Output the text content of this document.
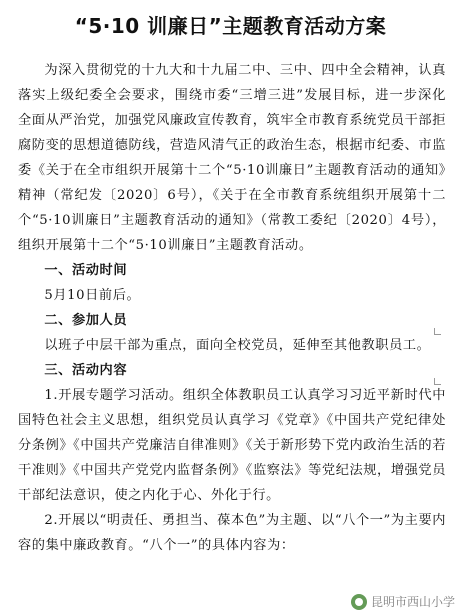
“5·10 训廉日”主题教育活动方案

为深入贯彻党的十九大和十九届二中、三中、四中全会精神，认真落实上级纪委全会要求，围绕市委“三增三进”发展目标，进一步深化全面从严治党，加强党风廉政宣传教育，筑牢全市教育系统党员干部拒腐防变的思想道德防线，营造风清气正的政治生态，根据市纪委、市监委《关于在全市组织开展第十二个“5·10训廉日”主题教育活动的通知》精神（常纪发〔2020〕6号），《关于在全市教育系统组织开展第十二个“5·10训廉日”主题教育活动的通知》（常教工委纪〔2020〕4号），组织开展第十二个“5·10训廉日”主题教育活动。

一、活动时间

5月10日前后。

二、参加人员

以班子中层干部为重点，面向全校党员，延伸至其他教职员工。

三、活动内容

1.开展专题学习活动。组织全体教职员工认真学习习近平新时代中国特色社会主义思想，组织党员认真学习《党章》《中国共产党纪律处分条例》《中国共产党廉洁自律准则》《关于新形势下党内政治生活的若干准则》《中国共产党党内监督条例》《监察法》等党纪法规，增强党员干部纪法意识，使之内化于心、外化于行。

2.开展以“明责任、勇担当、葆本色”为主题、以“八个一”为主要内容的集中廉政教育。“八个一”的具体内容为：

昆明市西山小学
